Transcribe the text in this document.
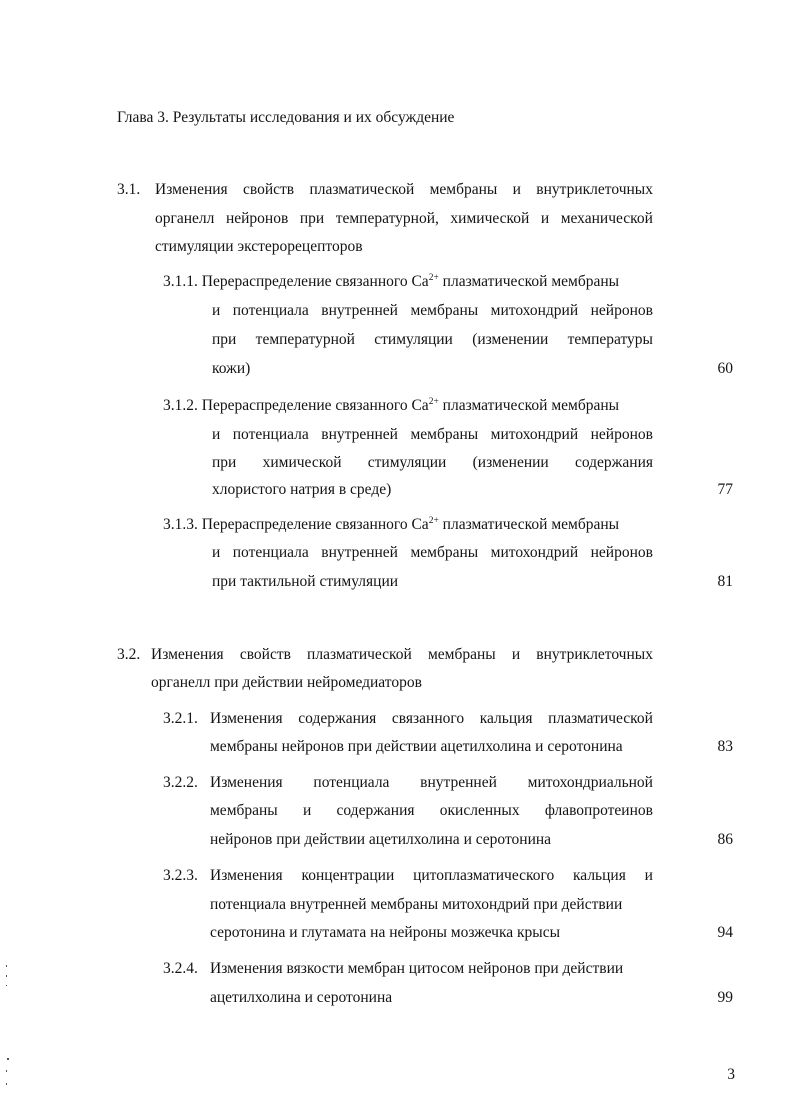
Глава 3. Результаты исследования и их обсуждение
3.1. Изменения свойств плазматической мембраны и внутриклеточных
органелл нейронов при температурной, химической и механической
стимуляции экстерорецепторов
3.1.1. Перераспределение связанного $Ca^{2+}$ плазматической мембраны
и потенциала внутренней мембраны митохондрий нейронов
при температурной стимуляции (изменении температуры
кожи)	60
3.1.2. Перераспределение связанного $Ca^{2+}$ плазматической мембраны
и потенциала внутренней мембраны митохондрий нейронов
при химической стимуляции (изменении содержания
хлористого натрия в среде)	77
3.1.3. Перераспределение связанного $Ca^{2+}$ плазматической мембраны
и потенциала внутренней мембраны митохондрий нейронов
при тактильной стимуляции	81
3.2. Изменения свойств плазматической мембраны и внутриклеточных
органелл при действии нейромедиаторов
3.2.1. Изменения содержания связанного кальция плазматической
мембраны нейронов при действии ацетилхолина и серотонина	83
3.2.2. Изменения потенциала внутренней митохондриальной
мембраны и содержания окисленных флавопротеинов
нейронов при действии ацетилхолина и серотонина	86
3.2.3. Изменения концентрации цитоплазматического кальция и
потенциала внутренней мембраны митохондрий при действии
серотонина и глутамата на нейроны мозжечка крысы	94
3.2.4. Изменения вязкости мембран цитосом нейронов при действии
ацетилхолина и серотонина	99
3
